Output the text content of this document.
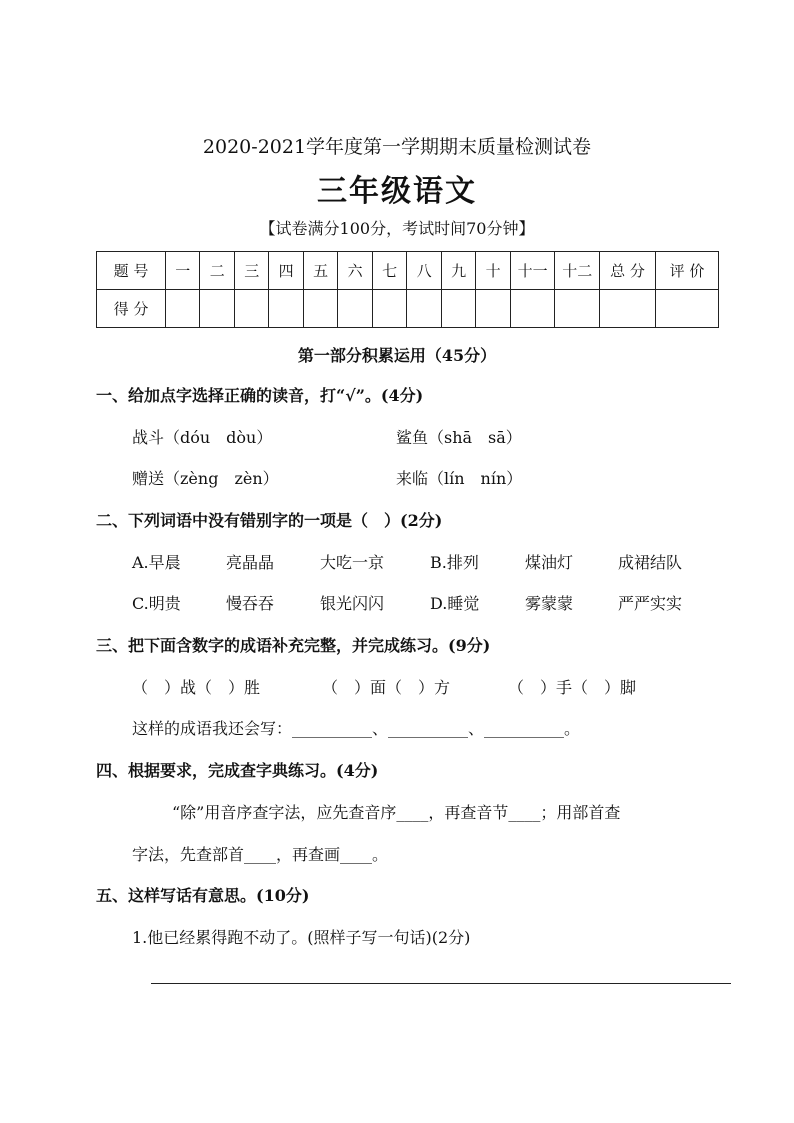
2020-2021学年度第一学期期末质量检测试卷
三年级语文
【试卷满分100分，考试时间70分钟】
题 号	一	二	三	四	五	六	七	八	九	十	十一	十二	总 分	评 价
得 分														
第一部分积累运用（45分）
一、给加点字选择正确的读音，打“√”。(4分)
战斗（dóu　dòu）	鲨鱼（shā　sā）
赠送（zèng　zèn）	来临（lín　nín）
二、下列词语中没有错别字的一项是（　）(2分)
A.早晨	亮晶晶	大吃一京	B.排列	煤油灯	成裙结队
C.明贵	慢吞吞	银光闪闪	D.睡觉	雾蒙蒙	严严实实
三、把下面含数字的成语补充完整，并完成练习。(9分)
（　）战（　）胜	（　）面（　）方	（　）手（　）脚
这样的成语我还会写：__________、__________、__________。
四、根据要求，完成查字典练习。(4分)
“除”用音序查字法，应先查音序____，再查音节____；用部首查
字法，先查部首____，再查画____。
五、这样写话有意思。(10分)
1.他已经累得跑不动了。(照样子写一句话)(2分)
